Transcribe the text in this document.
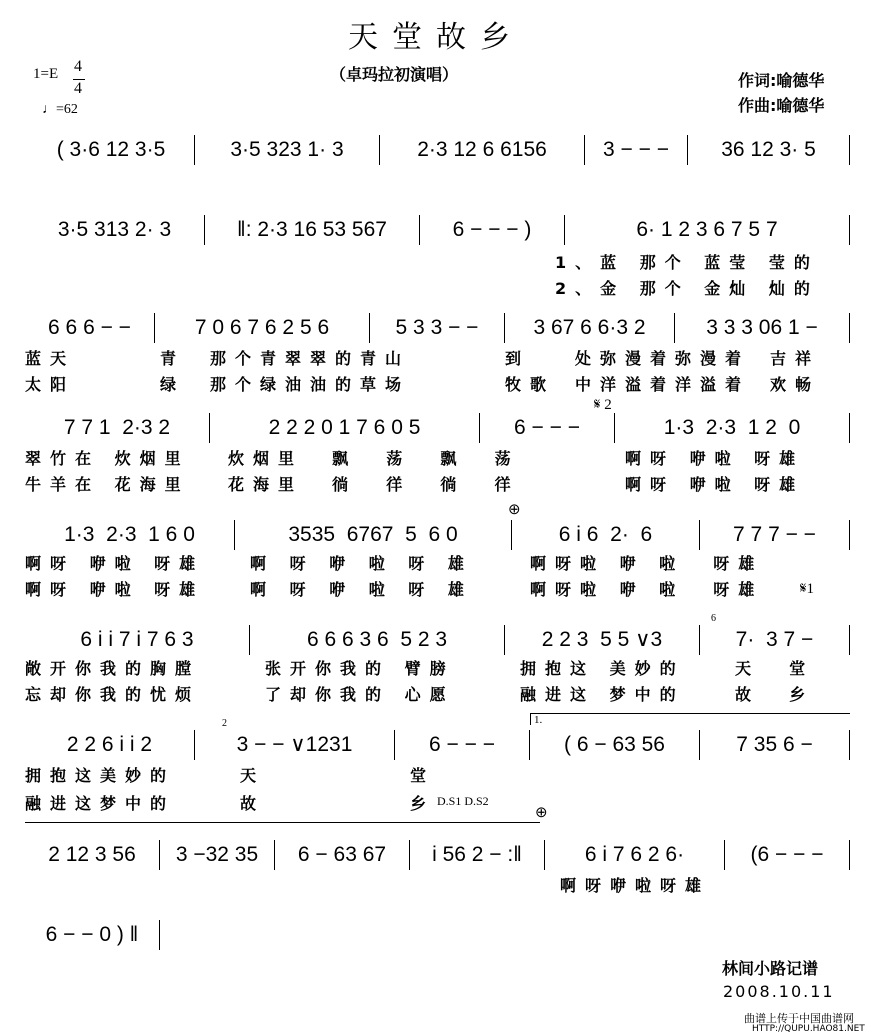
天堂故乡
（卓玛拉初演唱）	作词:喻德华
作曲:喻德华
1=E 4
4
♩=62
( 3·6 12 3·5	3·5 323 1· 3	2·3 12 6 6156	3 − − −	36 12 3· 5
3·5 313 2· 3	‖: 2·3 16 53 567	6 − − − )	6· 1 2 3 6 7 5 7
1、蓝 那个 蓝莹 莹的
2、金 那个 金灿 灿的
6 6 6 − −	7 0 6 7 6 2 5 6	5 3 3 − −	3 67 6 6·3 2	3 3 3 06 1 −
蓝天	青 那个青翠翠的青山	到	处弥漫着弥漫着 吉祥
太阳	绿 那个绿油油的草场	牧歌 中洋溢着洋溢着 欢畅
7 7 1  2·3 2	2 2 2 0 1 7 6 0 5	6 − − −	1·3  2·3  1 2  0
翠竹在 炊烟里 炊烟里  飘  荡  飘  荡	啊呀 咿啦 呀雄
牛羊在 花海里 花海里  徜  徉  徜  徉	啊呀 咿啦 呀雄
1·3  2·3  1 6 0	3535  6767  5  6 0	6 i 6  2·  6	7 7 7 − −
啊呀 咿啦 呀雄	啊 呀 咿 啦 呀 雄	啊呀啦 咿 啦  呀雄
啊呀 咿啦 呀雄	啊 呀 咿 啦 呀 雄	啊呀啦 咿 啦  呀雄
6 i i 7 i 7 6 3	6 6 6 3 6  5 2 3	2 2 3  5 5 ∨3	7·  3 7 −
敞开你我的胸膛	张开你我的 臂膀	拥抱这 美妙的	天  堂
忘却你我的忧烦	了却你我的 心愿	融进这 梦中的	故  乡
2 2 6 i i 2	3 − − ∨1231	6 − − −	( 6 − 63 56	7 35 6 −
拥抱这美妙的	天	堂
融进这梦中的	故	乡
2 12 3 56	3 −32 35	6 − 63 67	i 56 2 − :‖	6 i 7 6 2 6·	(6 − − −
啊呀咿啦呀雄
6 − − 0 ) ‖
𝄋 2
⊕
𝄋1
6
2	1.
D.S1 D.S2
⊕
林间小路记谱
2008.10.11
曲谱上传于中国曲谱网
HTTP://QUPU.HAO81.NET
